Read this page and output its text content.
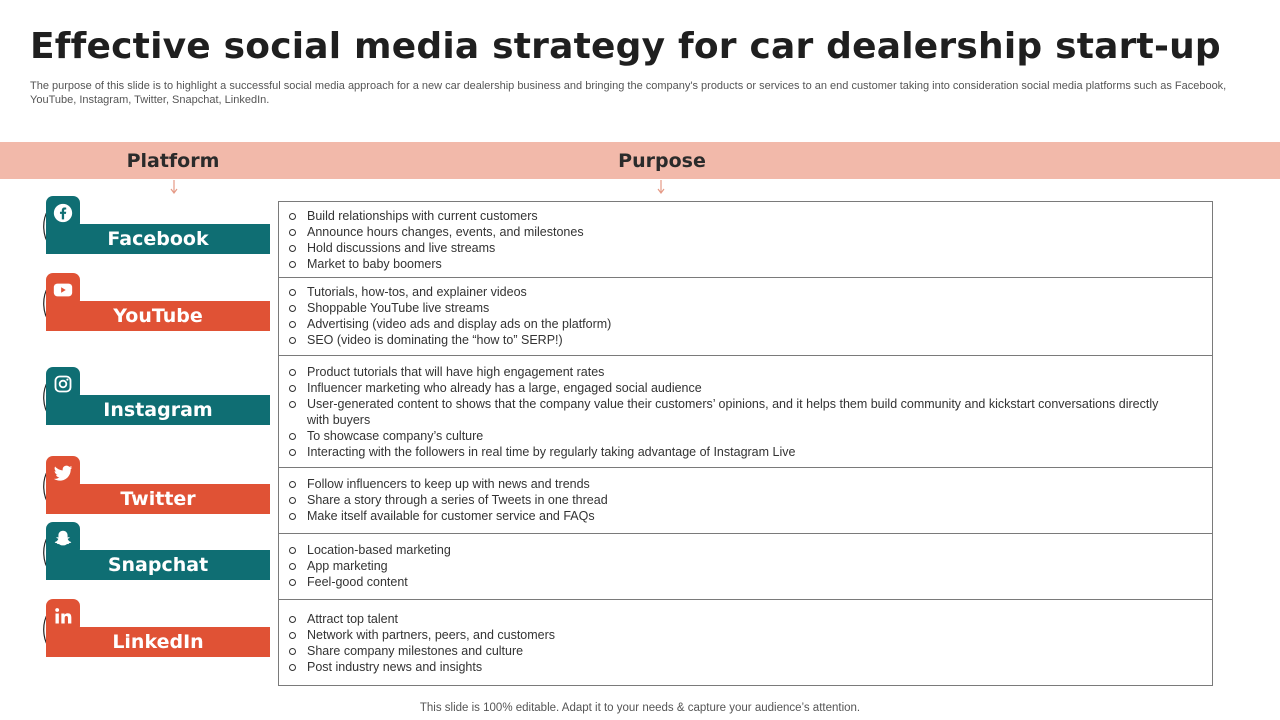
Effective social media strategy for car dealership start-up
The purpose of this slide is to highlight a successful social media approach for a new car dealership business and bringing the company's products or services to an end customer taking into consideration social media platforms such as Facebook, YouTube, Instagram, Twitter, Snapchat, LinkedIn.
Platform	Purpose
Facebook
YouTube
Instagram
Twitter
Snapchat
LinkedIn
Build relationships with current customers
Announce hours changes, events, and milestones
Hold discussions and live streams
Market to baby boomers
Tutorials, how-tos, and explainer videos
Shoppable YouTube live streams
Advertising (video ads and display ads on the platform)
SEO (video is dominating the “how to” SERP!)
Product tutorials that will have high engagement rates
Influencer marketing who already has a large, engaged social audience
User-generated content to shows that the company value their customers’ opinions, and it helps them build community and kickstart conversations directly with buyers
To showcase company’s culture
Interacting with the followers in real time by regularly taking advantage of Instagram Live
Follow influencers to keep up with news and trends
Share a story through a series of Tweets in one thread
Make itself available for customer service and FAQs
Location-based marketing
App marketing
Feel-good content
Attract top talent
Network with partners, peers, and customers
Share company milestones and culture
Post industry news and insights
This slide is 100% editable. Adapt it to your needs & capture your audience’s attention.
